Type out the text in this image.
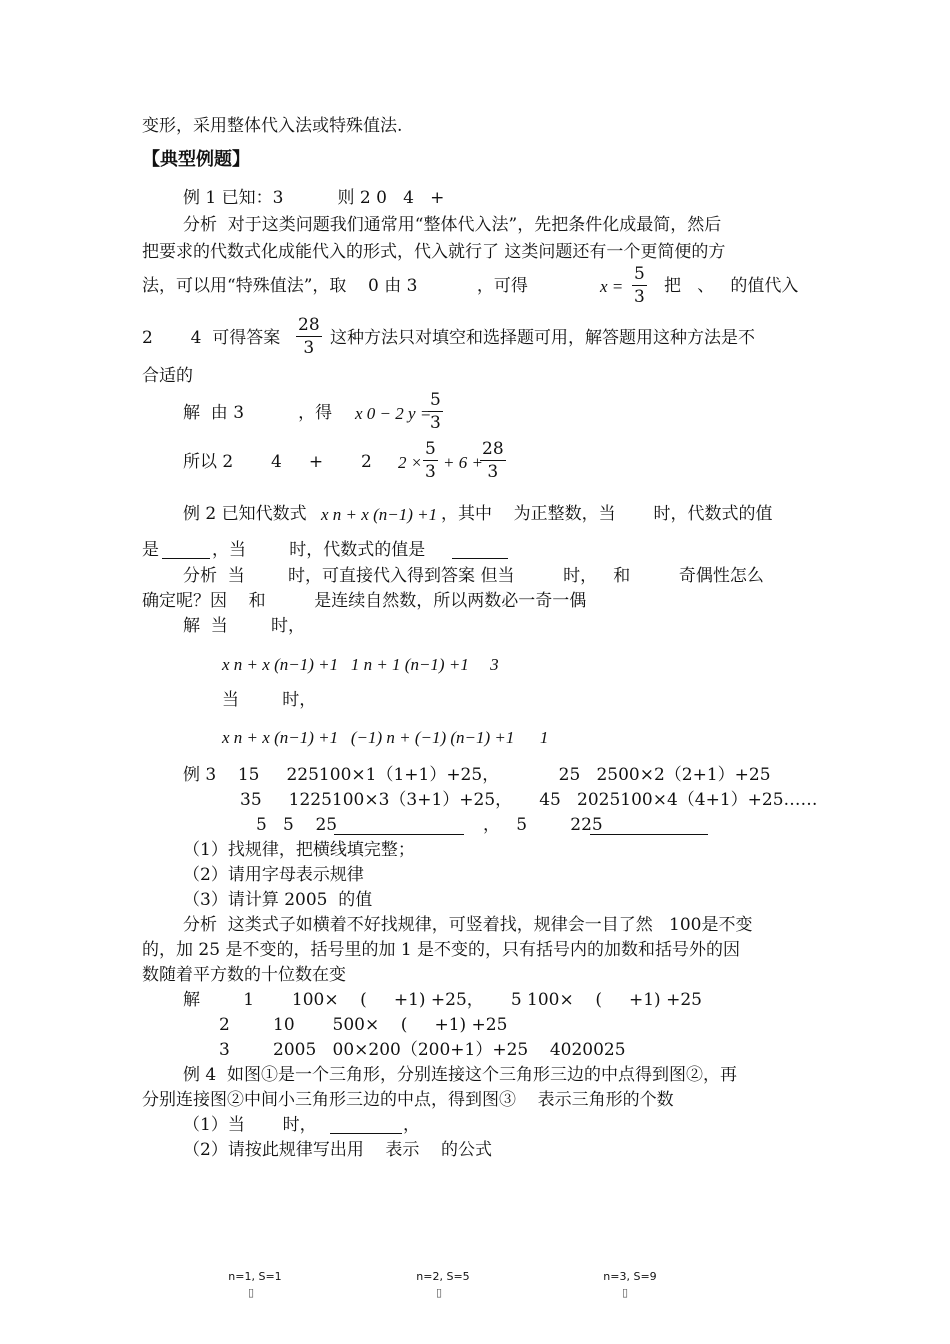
变形，采用整体代入法或特殊值法.
【典型例题】
例 1 已知：3          则 2 0   4   +
分析  对于这类问题我们通常用“整体代入法”，先把条件化成最简，然后
把要求的代数式化成能代入的形式，代入就行了 这类问题还有一个更简便的方
法，可以用“特殊值法”，取    0 由 3           ，可得	$x = \frac{5}{3}$ 把   、   的值代入
2       4  可得答案 $\frac{28}{3}$ 这种方法只对填空和选择题可用，解答题用这种方法是不
合适的
解  由 3          ，得 x 0 − 2 y =
$\frac{5}{3}$
所以 2       4     +       2 $2 \times \frac{5}{3} + 6$ +
$\frac{28}{3}$
例 2 已知代数式 x n + x (n−1) +1 ，其中    为正整数，当       时，代数式的值
是	，当        时，代数式的值是
分析  当        时，可直接代入得到答案 但当         时，   和         奇偶性怎么
确定呢？因    和         是连续自然数，所以两数必一奇一偶
解  当        时，
x n + x (n−1) +1   1 n + 1 (n−1) +1     3
当        时，
x n + x (n−1) +1   (−1) n + (−1) (n−1) +1      1
例 3    15     225100×1（1+1）+25，           25   2500×2（2+1）+25
35     1225100×3（3+1）+25，     45   2025100×4（4+1）+25……
5   5    25	，   5        225
（1）找规律，把横线填完整；
（2）请用字母表示规律
（3）请计算 2005  的值
分析  这类式子如横着不好找规律，可竖着找，规律会一目了然   100是不变
的，加 25 是不变的，括号里的加 1 是不变的，只有括号内的加数和括号外的因
数随着平方数的十位数在变
解        1       100×    (     +1) +25，     5 100×    (     +1) +25
2        10       500×    (     +1) +25
3        2005   00×200（200+1）+25    4020025
例 4  如图①是一个三角形，分别连接这个三角形三边的中点得到图②，再
分别连接图②中间小三角形三边的中点，得到图③    表示三角形的个数
（1）当       时，	，
（2）请按此规律写出用    表示    的公式
n=1, S=1
▯
n=2, S=5
▯
n=3, S=9
▯
